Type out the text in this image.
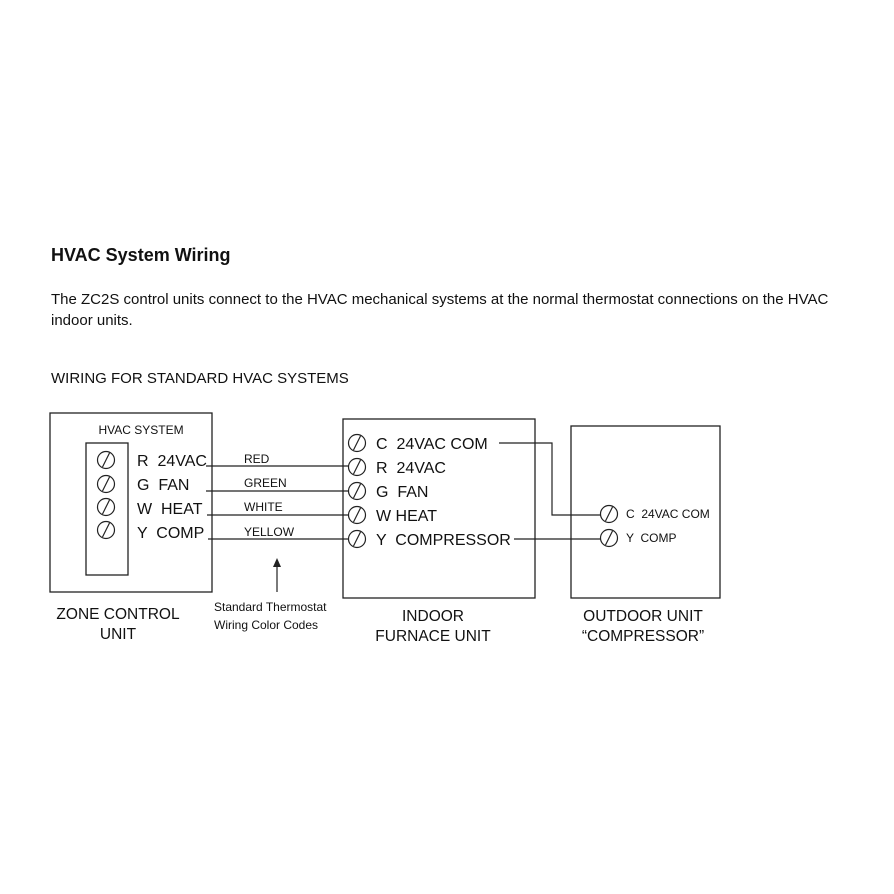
HVAC System Wiring

The ZC2S control units connect to the HVAC mechanical systems at the normal thermostat connections on the HVAC indoor units.

WIRING FOR STANDARD HVAC SYSTEMS

HVAC SYSTEM
R  24VAC
G  FAN
W  HEAT
Y  COMP
ZONE CONTROL
UNIT
RED
GREEN
WHITE
YELLOW
Standard Thermostat
Wiring Color Codes
C  24VAC COM
R  24VAC
G  FAN
W HEAT
Y  COMPRESSOR
INDOOR
FURNACE UNIT
C  24VAC COM
Y  COMP
OUTDOOR UNIT
“COMPRESSOR”
